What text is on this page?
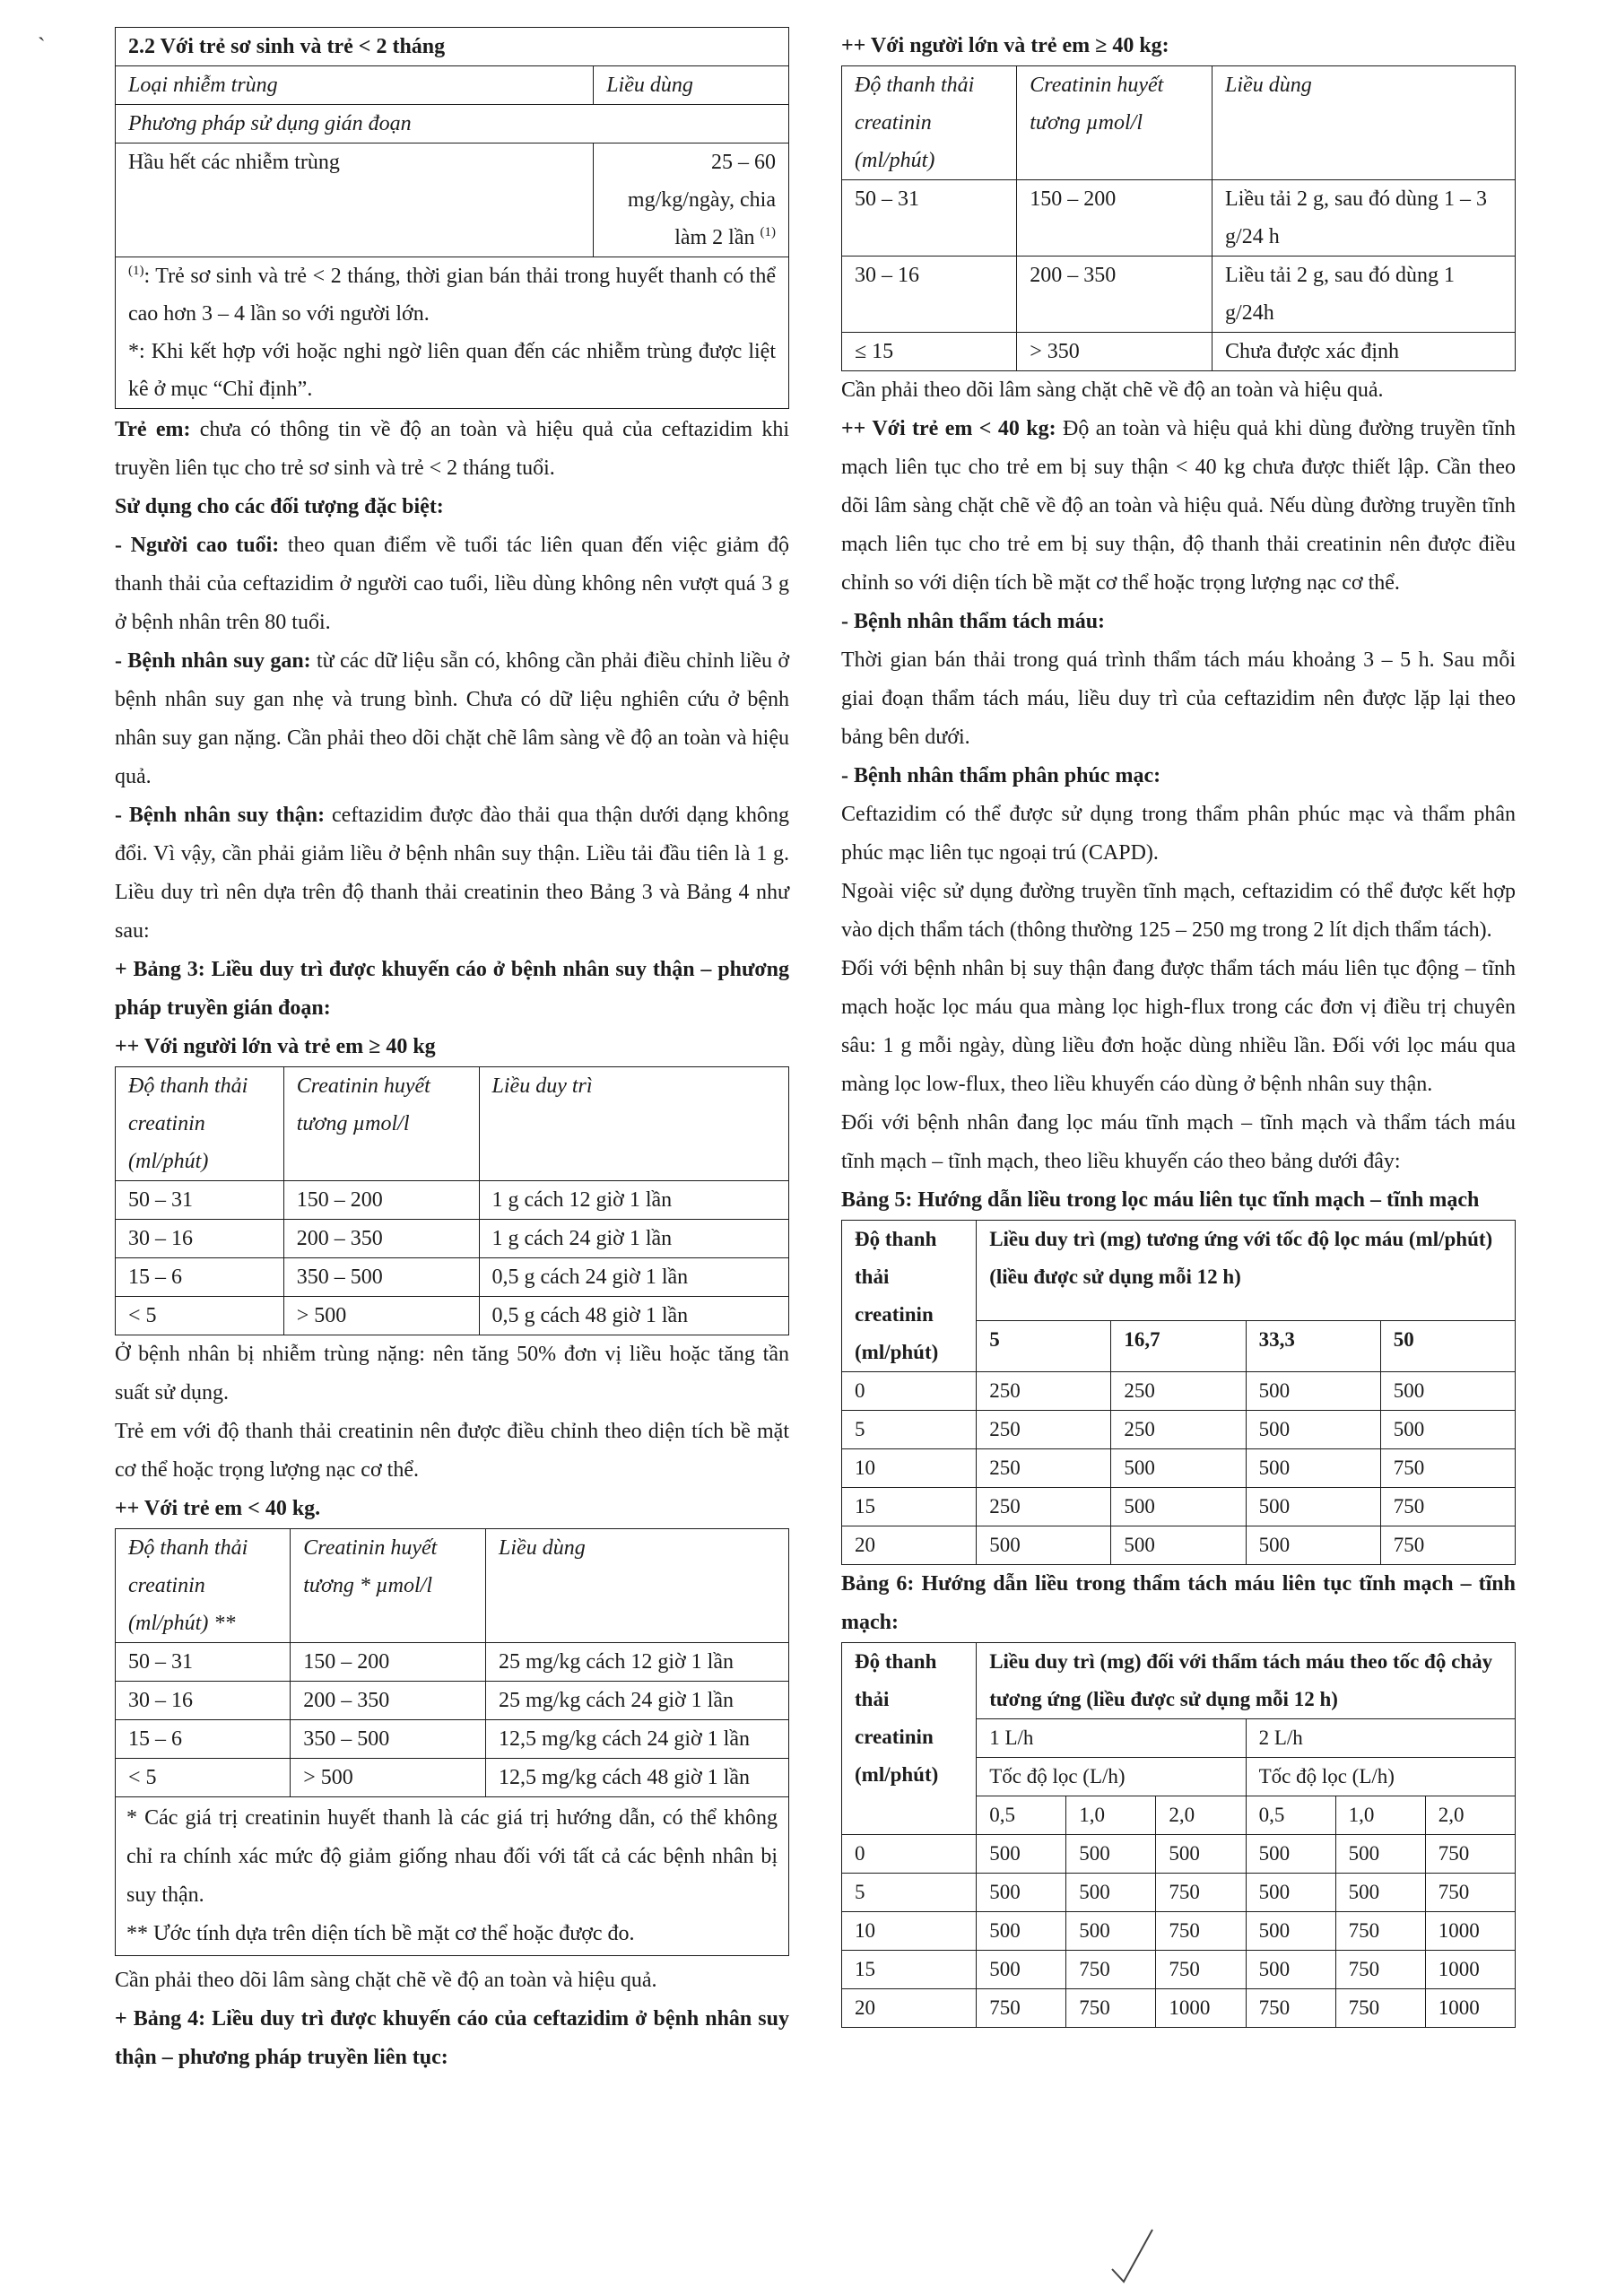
`	2.2 Với trẻ sơ sinh và trẻ < 2 tháng	
Loại nhiễm trùng	Liều dùng
Phương pháp sử dụng gián đoạn	
Hầu hết các nhiễm trùng	25 – 60
mg/kg/ngày, chia
làm 2 lần $^{(1)}$

$^{(1)}$: Trẻ sơ sinh và trẻ < 2 tháng, thời gian bán thải trong huyết thanh có thể cao hơn 3 – 4 lần so với người lớn.

*: Khi kết hợp với hoặc nghi ngờ liên quan đến các nhiễm trùng được liệt kê ở mục “Chỉ định”.	

Trẻ em: chưa có thông tin về độ an toàn và hiệu quả của ceftazidim khi truyền liên tục cho trẻ sơ sinh và trẻ < 2 tháng tuổi.

Sử dụng cho các đối tượng đặc biệt:

- Người cao tuổi: theo quan điểm về tuổi tác liên quan đến việc giảm độ thanh thải của ceftazidim ở người cao tuổi, liều dùng không nên vượt quá 3 g ở bệnh nhân trên 80 tuổi.

- Bệnh nhân suy gan: từ các dữ liệu sẵn có, không cần phải điều chỉnh liều ở bệnh nhân suy gan nhẹ và trung bình. Chưa có dữ liệu nghiên cứu ở bệnh nhân suy gan nặng. Cần phải theo dõi chặt chẽ lâm sàng về độ an toàn và hiệu quả.

- Bệnh nhân suy thận: ceftazidim được đào thải qua thận dưới dạng không đổi. Vì vậy, cần phải giảm liều ở bệnh nhân suy thận. Liều tải đầu tiên là 1 g. Liều duy trì nên dựa trên độ thanh thải creatinin theo Bảng 3 và Bảng 4 như sau:

+ Bảng 3: Liều duy trì được khuyến cáo ở bệnh nhân suy thận – phương pháp truyền gián đoạn:

++ Với người lớn và trẻ em ≥ 40 kg

Độ thanh thải creatinin (ml/phút)	Creatinin huyết tương µmol/l	Liều duy trì
50 – 31	150 – 200	1 g cách 12 giờ 1 lần
30 – 16	200 – 350	1 g cách 24 giờ 1 lần
15 – 6	350 – 500	0,5 g cách 24 giờ 1 lần
< 5	> 500	0,5 g cách 48 giờ 1 lần

Ở bệnh nhân bị nhiễm trùng nặng: nên tăng 50% đơn vị liều hoặc tăng tần suất sử dụng.

Trẻ em với độ thanh thải creatinin nên được điều chỉnh theo diện tích bề mặt cơ thể hoặc trọng lượng nạc cơ thể.

++ Với trẻ em < 40 kg.

Độ thanh thải creatinin (ml/phút) **	Creatinin huyết tương * µmol/l	Liều dùng
50 – 31	150 – 200	25 mg/kg cách 12 giờ 1 lần
30 – 16	200 – 350	25 mg/kg cách 24 giờ 1 lần
15 – 6	350 – 500	12,5 mg/kg cách 24 giờ 1 lần
< 5	> 500	12,5 mg/kg cách 48 giờ 1 lần

* Các giá trị creatinin huyết thanh là các giá trị hướng dẫn, có thể không chỉ ra chính xác mức độ giảm giống nhau đối với tất cả các bệnh nhân bị suy thận.

** Ước tính dựa trên diện tích bề mặt cơ thể hoặc được đo.

Cần phải theo dõi lâm sàng chặt chẽ về độ an toàn và hiệu quả.

+ Bảng 4: Liều duy trì được khuyến cáo của ceftazidim ở bệnh nhân suy thận – phương pháp truyền liên tục:

++ Với người lớn và trẻ em ≥ 40 kg:

Độ thanh thải creatinin (ml/phút)	Creatinin huyết tương µmol/l	Liều dùng
50 – 31	150 – 200	Liều tải 2 g, sau đó dùng 1 – 3 g/24 h
30 – 16	200 – 350	Liều tải 2 g, sau đó dùng 1 g/24h
≤ 15	> 350	Chưa được xác định

Cần phải theo dõi lâm sàng chặt chẽ về độ an toàn và hiệu quả.

++ Với trẻ em < 40 kg: Độ an toàn và hiệu quả khi dùng đường truyền tĩnh mạch liên tục cho trẻ em bị suy thận < 40 kg chưa được thiết lập. Cần theo dõi lâm sàng chặt chẽ về độ an toàn và hiệu quả. Nếu dùng đường truyền tĩnh mạch liên tục cho trẻ em bị suy thận, độ thanh thải creatinin nên được điều chỉnh so với diện tích bề mặt cơ thể hoặc trọng lượng nạc cơ thể.

- Bệnh nhân thẩm tách máu:

Thời gian bán thải trong quá trình thẩm tách máu khoảng 3 – 5 h. Sau mỗi giai đoạn thẩm tách máu, liều duy trì của ceftazidim nên được lặp lại theo bảng bên dưới.

- Bệnh nhân thẩm phân phúc mạc:

Ceftazidim có thể được sử dụng trong thẩm phân phúc mạc và thẩm phân phúc mạc liên tục ngoại trú (CAPD).

Ngoài việc sử dụng đường truyền tĩnh mạch, ceftazidim có thể được kết hợp vào dịch thẩm tách (thông thường 125 – 250 mg trong 2 lít dịch thẩm tách).

Đối với bệnh nhân bị suy thận đang được thẩm tách máu liên tục động – tĩnh mạch hoặc lọc máu qua màng lọc high-flux trong các đơn vị điều trị chuyên sâu: 1 g mỗi ngày, dùng liều đơn hoặc dùng nhiều lần. Đối với lọc máu qua màng lọc low-flux, theo liều khuyến cáo dùng ở bệnh nhân suy thận.

Đối với bệnh nhân đang lọc máu tĩnh mạch – tĩnh mạch và thẩm tách máu tĩnh mạch – tĩnh mạch, theo liều khuyến cáo theo bảng dưới đây:

Bảng 5: Hướng dẫn liều trong lọc máu liên tục tĩnh mạch – tĩnh mạch

Độ thanh thải creatinin (ml/phút)	Liều duy trì (mg) tương ứng với tốc độ lọc máu (ml/phút) (liều được sử dụng mỗi 12 h)			
	5	16,7	33,3	50
0	250	250	500	500
5	250	250	500	500
10	250	500	500	750
15	250	500	500	750
20	500	500	500	750

Bảng 6: Hướng dẫn liều trong thẩm tách máu liên tục tĩnh mạch – tĩnh mạch:

Độ thanh thải creatinin (ml/phút)	Liều duy trì (mg) đối với thẩm tách máu theo tốc độ chảy tương ứng (liều được sử dụng mỗi 12 h)					
	1 L/h			2 L/h		
	Tốc độ lọc (L/h)			Tốc độ lọc (L/h)		
	0,5	1,0	2,0	0,5	1,0	2,0
0	500	500	500	500	500	750
5	500	500	750	500	500	750
10	500	500	750	500	750	1000
15	500	750	750	500	750	1000
20	750	750	1000	750	750	1000
